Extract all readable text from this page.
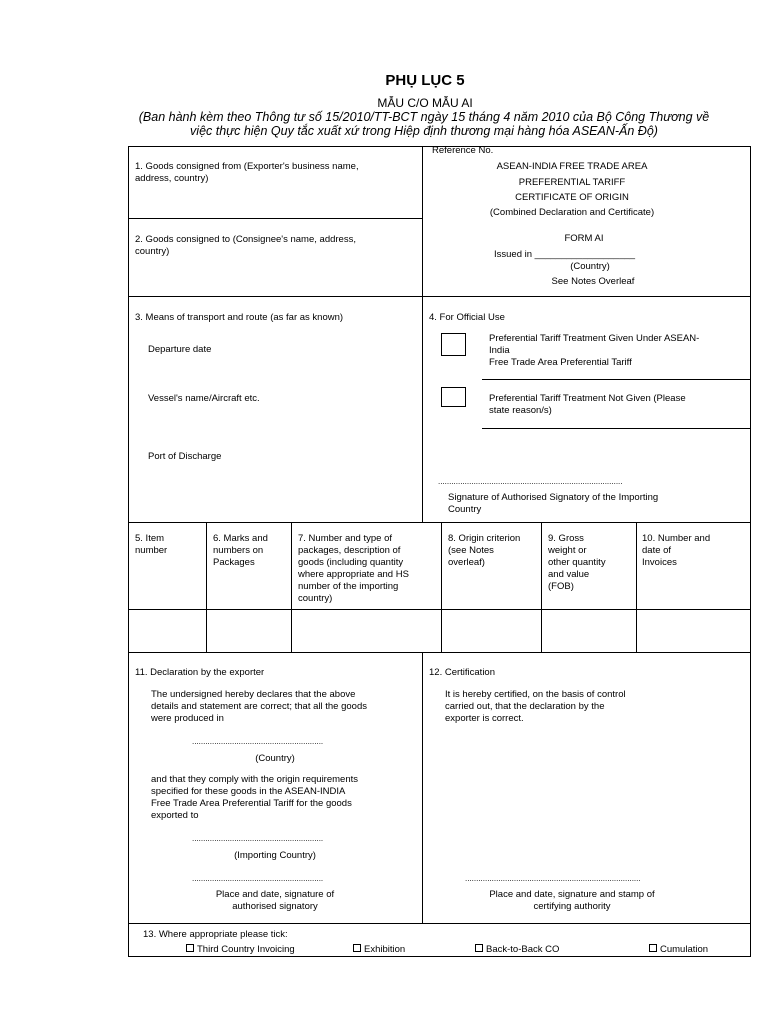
PHỤ LỤC 5
MẪU C/O MẪU AI
(Ban hành kèm theo Thông tư số 15/2010/TT-BCT ngày 15 tháng 4 năm 2010 của Bộ Công Thương về
việc thực hiện Quy tắc xuất xứ trong Hiệp định thương mại hàng hóa ASEAN-Ấn Độ)
1. Goods consigned from (Exporter's business name,
address, country)
2. Goods consigned to (Consignee's name, address,
country)
Reference No.
ASEAN-INDIA FREE TRADE AREA
PREFERENTIAL TARIFF
CERTIFICATE OF ORIGIN
(Combined Declaration and Certificate)
FORM AI
Issued in ___________________
(Country)
See Notes Overleaf
3. Means of transport and route (as far as known)
Departure date
Vessel's name/Aircraft etc.
Port of Discharge
4. For Official Use
Preferential Tariff Treatment Given Under ASEAN-
India
Free Trade Area Preferential Tariff
Preferential Tariff Treatment Not Given (Please
state reason/s)
...................................................................................
Signature of Authorised Signatory of the Importing
Country
5. Item
number
6. Marks and
numbers on
Packages
7. Number and type of
packages, description of
goods (including quantity
where appropriate and HS
number of the importing
country)
8. Origin criterion
(see Notes
overleaf)
9. Gross
weight or
other quantity
and value
(FOB)
10. Number and
date of
Invoices
11. Declaration by the exporter
The undersigned hereby declares that the above
details and statement are correct; that all the goods
were produced in
...........................................................
(Country)
and that they comply with the origin requirements
specified for these goods in the ASEAN-INDIA
Free Trade Area Preferential Tariff for the goods
exported to
...........................................................
(Importing Country)
...........................................................
Place and date, signature of
authorised signatory
12. Certification
It is hereby certified, on the basis of control
carried out, that the declaration by the
exporter is correct.
...............................................................................
Place and date, signature and stamp of
certifying authority
13. Where appropriate please tick:
Third Country Invoicing	Exhibition	Back-to-Back CO	Cumulation
